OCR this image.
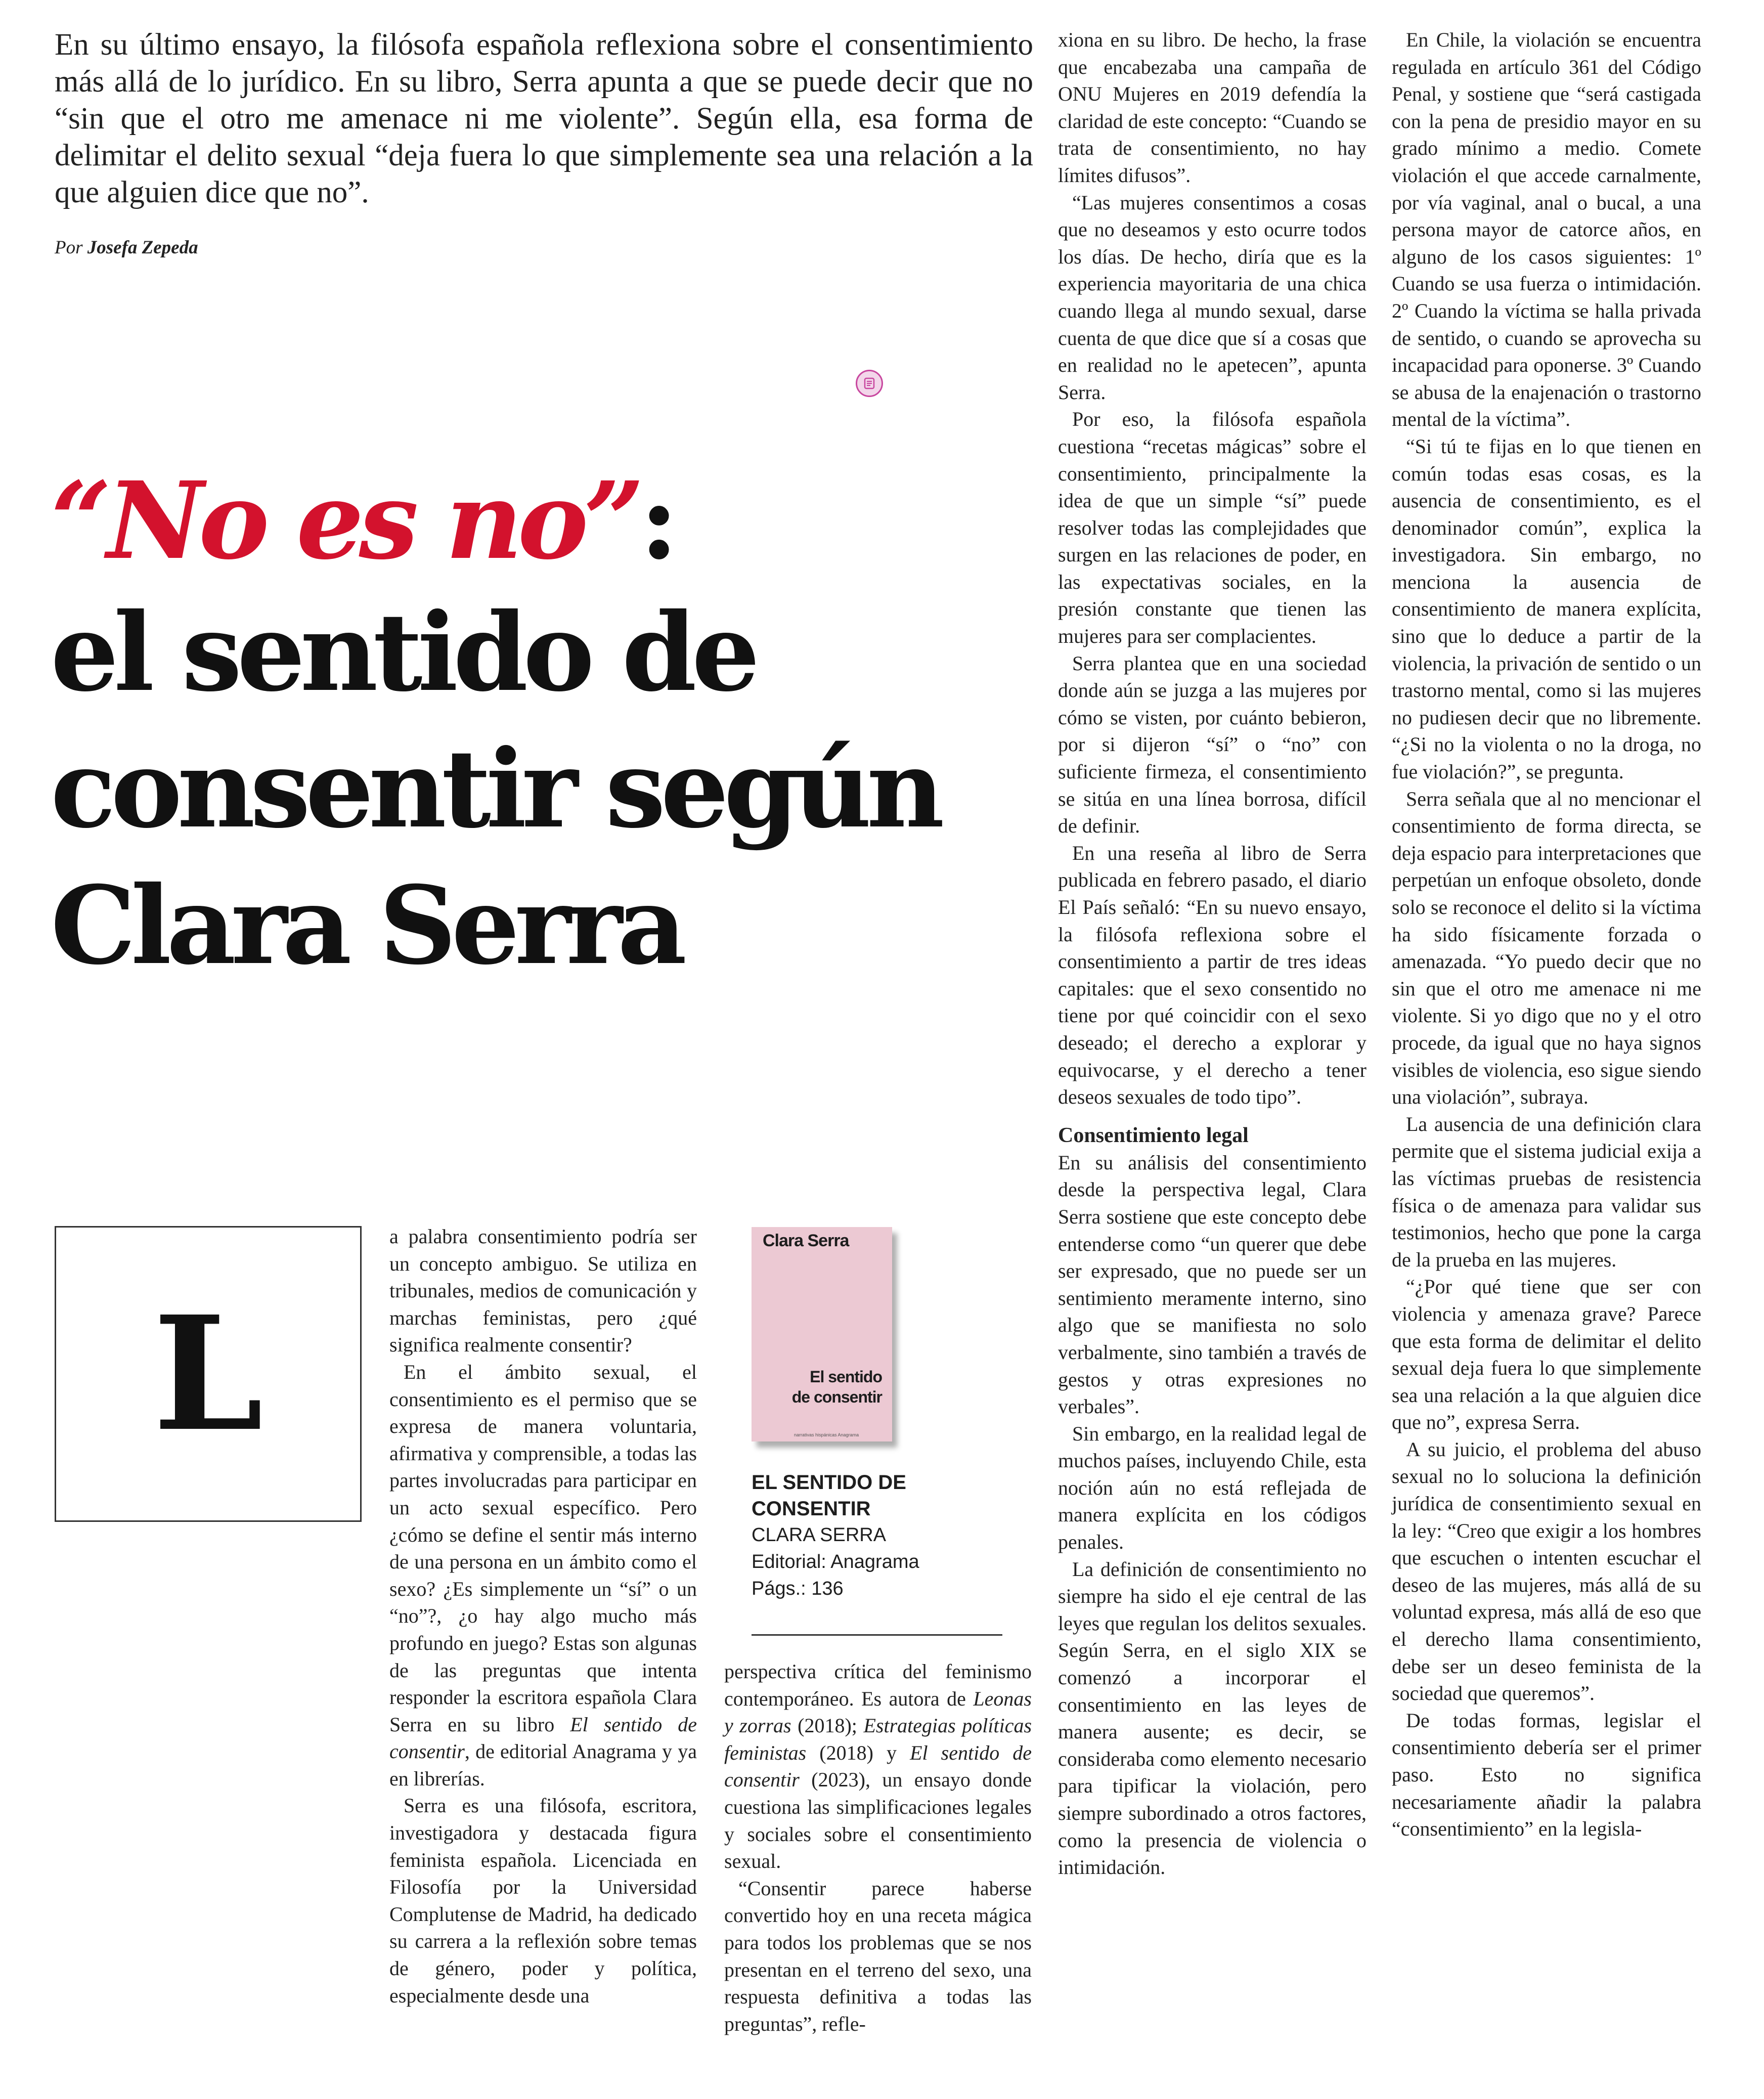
En su último ensayo, la filósofa española reflexiona sobre el consentimiento más allá de lo jurídico. En su libro, Serra apunta a que se puede decir que no “sin que el otro me amenace ni me violente”. Según ella, esa forma de delimitar el delito sexual “deja fuera lo que simplemente sea una relación a la que alguien dice que no”.
Por Josefa Zepeda
“No es no”:
el sentido de
consentir según
Clara Serra
L

a palabra consentimiento podría ser un concepto ambiguo. Se utiliza en tribunales, medios de comunicación y marchas feministas, pero ¿qué significa realmente consentir?

En el ámbito sexual, el consentimiento es el permiso que se expresa de manera voluntaria, afirmativa y comprensible, a todas las partes involucradas para participar en un acto sexual específico. Pero ¿cómo se define el sentir más interno de una persona en un ámbito como el sexo? ¿Es simplemente un “sí” o un “no”?, ¿o hay algo mucho más profundo en juego? Estas son algunas de las preguntas que intenta responder la escritora española Clara Serra en su libro El sentido de consentir, de editorial Anagrama y ya en librerías.

Serra es una filósofa, escritora, investigadora y destacada figura feminista española. Licenciada en Filosofía por la Universidad Complutense de Madrid, ha dedicado su carrera a la reflexión sobre temas de género, poder y política, especialmente desde una

Clara Serra
El sentido
de consentir
narrativas hispánicas Anagrama
EL SENTIDO DE
CONSENTIR
CLARA SERRA
Editorial: Anagrama
Págs.: 136

perspectiva crítica del feminismo contemporáneo. Es autora de Leonas y zorras (2018); Estrategias políticas feministas (2018) y El sentido de consentir (2023), un ensayo donde cuestiona las simplificaciones legales y sociales sobre el consentimiento sexual.

“Consentir parece haberse convertido hoy en una receta mágica para todos los problemas que se nos presentan en el terreno del sexo, una respuesta definitiva a todas las preguntas”, refle-

xiona en su libro. De hecho, la frase que encabezaba una campaña de ONU Mujeres en 2019 defendía la claridad de este concepto: “Cuando se trata de consentimiento, no hay límites difusos”.

“Las mujeres consentimos a cosas que no deseamos y esto ocurre todos los días. De hecho, diría que es la experiencia mayoritaria de una chica cuando llega al mundo sexual, darse cuenta de que dice que sí a cosas que en realidad no le apetecen”, apunta Serra.

Por eso, la filósofa española cuestiona “recetas mágicas” sobre el consentimiento, principalmente la idea de que un simple “sí” puede resolver todas las complejidades que surgen en las relaciones de poder, en las expectativas sociales, en la presión constante que tienen las mujeres para ser complacientes.

Serra plantea que en una sociedad donde aún se juzga a las mujeres por cómo se visten, por cuánto bebieron, por si dijeron “sí” o “no” con suficiente firmeza, el consentimiento se sitúa en una línea borrosa, difícil de definir.

En una reseña al libro de Serra publicada en febrero pasado, el diario El País señaló: “En su nuevo ensayo, la filósofa reflexiona sobre el consentimiento a partir de tres ideas capitales: que el sexo consentido no tiene por qué coincidir con el sexo deseado; el derecho a explorar y equivocarse, y el derecho a tener deseos sexuales de todo tipo”.

Consentimiento legal

En su análisis del consentimiento desde la perspectiva legal, Clara Serra sostiene que este concepto debe entenderse como “un querer que debe ser expresado, que no puede ser un sentimiento meramente interno, sino algo que se manifiesta no solo verbalmente, sino también a través de gestos y otras expresiones no verbales”.

Sin embargo, en la realidad legal de muchos países, incluyendo Chile, esta noción aún no está reflejada de manera explícita en los códigos penales.

La definición de consentimiento no siempre ha sido el eje central de las leyes que regulan los delitos sexuales. Según Serra, en el siglo XIX se comenzó a incorporar el consentimiento en las leyes de manera ausente; es decir, se consideraba como elemento necesario para tipificar la violación, pero siempre subordinado a otros factores, como la presencia de violencia o intimidación.

En Chile, la violación se encuentra regulada en artículo 361 del Código Penal, y sostiene que “será castigada con la pena de presidio mayor en su grado mínimo a medio. Comete violación el que accede carnalmente, por vía vaginal, anal o bucal, a una persona mayor de catorce años, en alguno de los casos siguientes: 1º Cuando se usa fuerza o intimidación. 2º Cuando la víctima se halla privada de sentido, o cuando se aprovecha su incapacidad para oponerse. 3º Cuando se abusa de la enajenación o trastorno mental de la víctima”.

“Si tú te fijas en lo que tienen en común todas esas cosas, es la ausencia de consentimiento, es el denominador común”, explica la investigadora. Sin embargo, no menciona la ausencia de consentimiento de manera explícita, sino que lo deduce a partir de la violencia, la privación de sentido o un trastorno mental, como si las mujeres no pudiesen decir que no libremente. “¿Si no la violenta o no la droga, no fue violación?”, se pregunta.

Serra señala que al no mencionar el consentimiento de forma directa, se deja espacio para interpretaciones que perpetúan un enfoque obsoleto, donde solo se reconoce el delito si la víctima ha sido físicamente forzada o amenazada. “Yo puedo decir que no sin que el otro me amenace ni me violente. Si yo digo que no y el otro procede, da igual que no haya signos visibles de violencia, eso sigue siendo una violación”, subraya.

La ausencia de una definición clara permite que el sistema judicial exija a las víctimas pruebas de resistencia física o de amenaza para validar sus testimonios, hecho que pone la carga de la prueba en las mujeres.

“¿Por qué tiene que ser con violencia y amenaza grave? Parece que esta forma de delimitar el delito sexual deja fuera lo que simplemente sea una relación a la que alguien dice que no”, expresa Serra.

A su juicio, el problema del abuso sexual no lo soluciona la definición jurídica de consentimiento sexual en la ley: “Creo que exigir a los hombres que escuchen o intenten escuchar el deseo de las mujeres, más allá de su voluntad expresa, más allá de eso que el derecho llama consentimiento, debe ser un deseo feminista de la sociedad que queremos”.

De todas formas, legislar el consentimiento debería ser el primer paso. Esto no significa necesariamente añadir la palabra “consentimiento” en la legisla-
